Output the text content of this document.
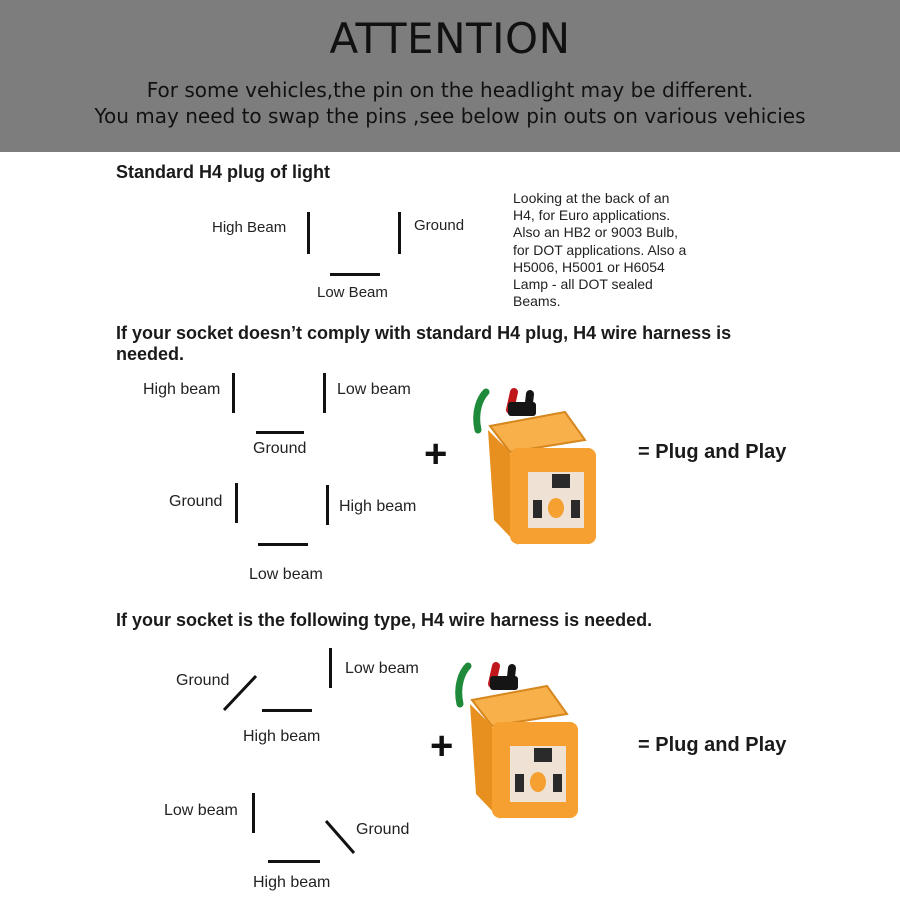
ATTENTION
For some vehicles,the pin on the headlight may be different.
You may need to swap the pins ,see below pin outs on various vehicies
Standard H4 plug of light
High Beam	Ground
Low Beam
Looking at the back of an
H4, for Euro applications.
Also an HB2 or 9003 Bulb,
for DOT applications. Also a
H5006, H5001 or H6054
Lamp - all DOT sealed
Beams.
If your socket doesn’t comply with standard H4 plug, H4 wire harness is
needed.
High beam	Low beam
Ground
Ground	High beam
Low beam
+	= Plug and Play
If your socket is the following type, H4 wire harness is needed.
Ground
Low beam
High beam
Low beam
Ground
High beam
+	= Plug and Play
